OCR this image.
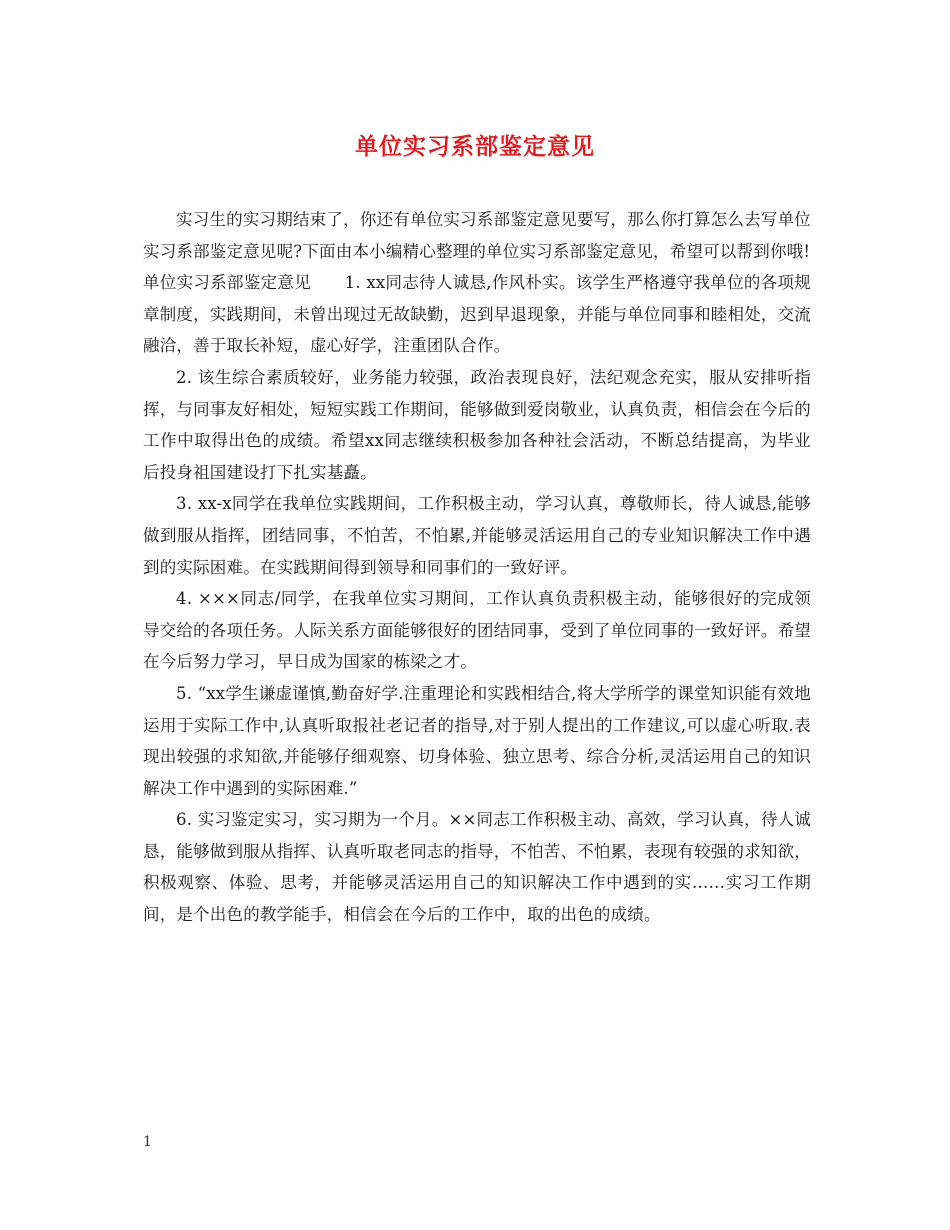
单位实习系部鉴定意见

实习生的实习期结束了，你还有单位实习系部鉴定意见要写，那么你打算怎么去写单位实习系部鉴定意见呢?下面由本小编精心整理的单位实习系部鉴定意见，希望可以帮到你哦!

单位实习系部鉴定意见　　1. xx同志待人诚恳,作风朴实。该学生严格遵守我单位的各项规章制度，实践期间，未曾出现过无故缺勤，迟到早退现象，并能与单位同事和睦相处，交流融洽，善于取长补短，虚心好学，注重团队合作。

2. 该生综合素质较好，业务能力较强，政治表现良好，法纪观念充实，服从安排听指挥，与同事友好相处，短短实践工作期间，能够做到爱岗敬业，认真负责，相信会在今后的工作中取得出色的成绩。希望xx同志继续积极参加各种社会活动，不断总结提高，为毕业后投身祖国建设打下扎实基矗。

3. xx-x同学在我单位实践期间，工作积极主动，学习认真，尊敬师长，待人诚恳,能够做到服从指挥，团结同事，不怕苦，不怕累,并能够灵活运用自己的专业知识解决工作中遇到的实际困难。在实践期间得到领导和同事们的一致好评。

4. ×××同志/同学，在我单位实习期间，工作认真负责积极主动，能够很好的完成领导交给的各项任务。人际关系方面能够很好的团结同事，受到了单位同事的一致好评。希望在今后努力学习，早日成为国家的栋梁之才。

5. “xx学生谦虚谨慎,勤奋好学.注重理论和实践相结合,将大学所学的课堂知识能有效地运用于实际工作中,认真听取报社老记者的指导,对于别人提出的工作建议,可以虚心听取.表现出较强的求知欲,并能够仔细观察、切身体验、独立思考、综合分析,灵活运用自己的知识解决工作中遇到的实际困难.”

6. 实习鉴定实习，实习期为一个月。××同志工作积极主动、高效，学习认真，待人诚恳，能够做到服从指挥、认真听取老同志的指导，不怕苦、不怕累，表现有较强的求知欲，积极观察、体验、思考，并能够灵活运用自己的知识解决工作中遇到的实……实习工作期间，是个出色的教学能手，相信会在今后的工作中，取的出色的成绩。

1
